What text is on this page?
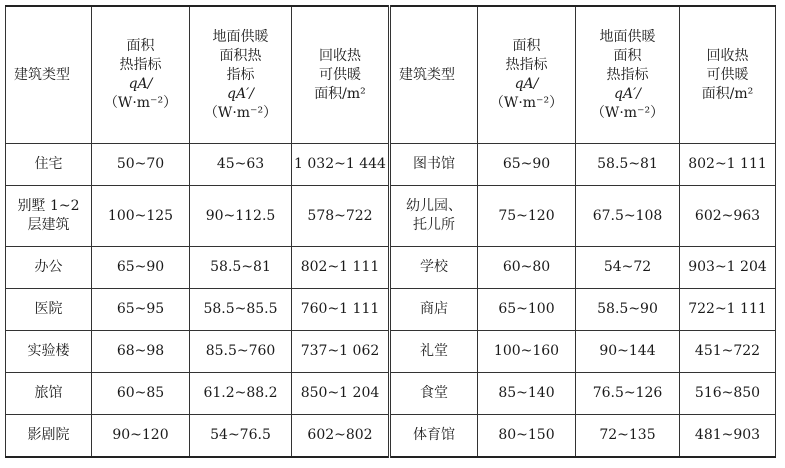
建筑类型	面积
热指标
qA/
（W·m⁻²）	地面供暖
面积热
指标
qA′/
（W·m⁻²）	回收热
可供暖
面积/m²	建筑类型	面积
热指标
qA/
（W·m⁻²）	地面供暖
面积
热指标
qA′/
（W·m⁻²）	回收热
可供暖
面积/m²

住宅	50~70	45~63	1 032~1 444	图书馆	65~90	58.5~81	802~1 111

别墅 1~2
层建筑	100~125	90~112.5	578~722	幼儿园、
托儿所	75~120	67.5~108	602~963
办公	65~90	58.5~81	802~1 111	学校	60~80	54~72	903~1 204
医院	65~95	58.5~85.5	760~1 111	商店	65~100	58.5~90	722~1 111
实验楼	68~98	85.5~760	737~1 062	礼堂	100~160	90~144	451~722
旅馆	60~85	61.2~88.2	850~1 204	食堂	85~140	76.5~126	516~850
影剧院	90~120	54~76.5	602~802	体育馆	80~150	72~135	481~903
